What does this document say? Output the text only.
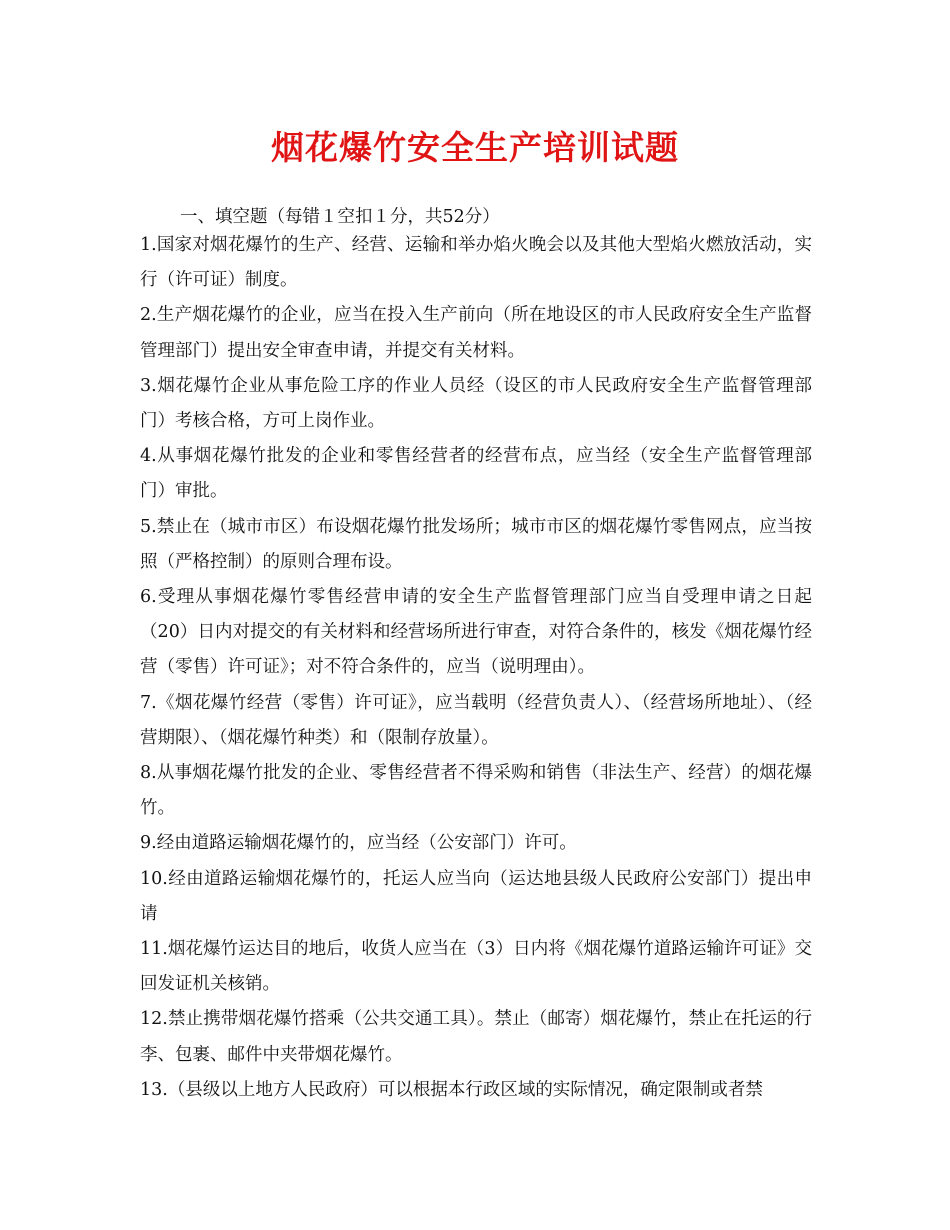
烟花爆竹安全生产培训试题
一、填空题（每错１空扣１分，共52分）

1.国家对烟花爆竹的生产、经营、运输和举办焰火晚会以及其他大型焰火燃放活动，实行（许可证）制度。

2.生产烟花爆竹的企业，应当在投入生产前向（所在地设区的市人民政府安全生产监督管理部门）提出安全审查申请，并提交有关材料。

3.烟花爆竹企业从事危险工序的作业人员经（设区的市人民政府安全生产监督管理部门）考核合格，方可上岗作业。

4.从事烟花爆竹批发的企业和零售经营者的经营布点，应当经（安全生产监督管理部门）审批。

5.禁止在（城市市区）布设烟花爆竹批发场所；城市市区的烟花爆竹零售网点，应当按照（严格控制）的原则合理布设。

6.受理从事烟花爆竹零售经营申请的安全生产监督管理部门应当自受理申请之日起（20）日内对提交的有关材料和经营场所进行审查，对符合条件的，核发《烟花爆竹经营（零售）许可证》；对不符合条件的，应当（说明理由）。

7.《烟花爆竹经营（零售）许可证》，应当载明（经营负责人）、（经营场所地址）、（经营期限）、（烟花爆竹种类）和（限制存放量）。

8.从事烟花爆竹批发的企业、零售经营者不得采购和销售（非法生产、经营）的烟花爆竹。

9.经由道路运输烟花爆竹的，应当经（公安部门）许可。

10.经由道路运输烟花爆竹的，托运人应当向（运达地县级人民政府公安部门）提出申请

11.烟花爆竹运达目的地后，收货人应当在（3）日内将《烟花爆竹道路运输许可证》交回发证机关核销。

12.禁止携带烟花爆竹搭乘（公共交通工具）。禁止（邮寄）烟花爆竹，禁止在托运的行李、包裹、邮件中夹带烟花爆竹。

13.（县级以上地方人民政府）可以根据本行政区域的实际情况，确定限制或者禁
